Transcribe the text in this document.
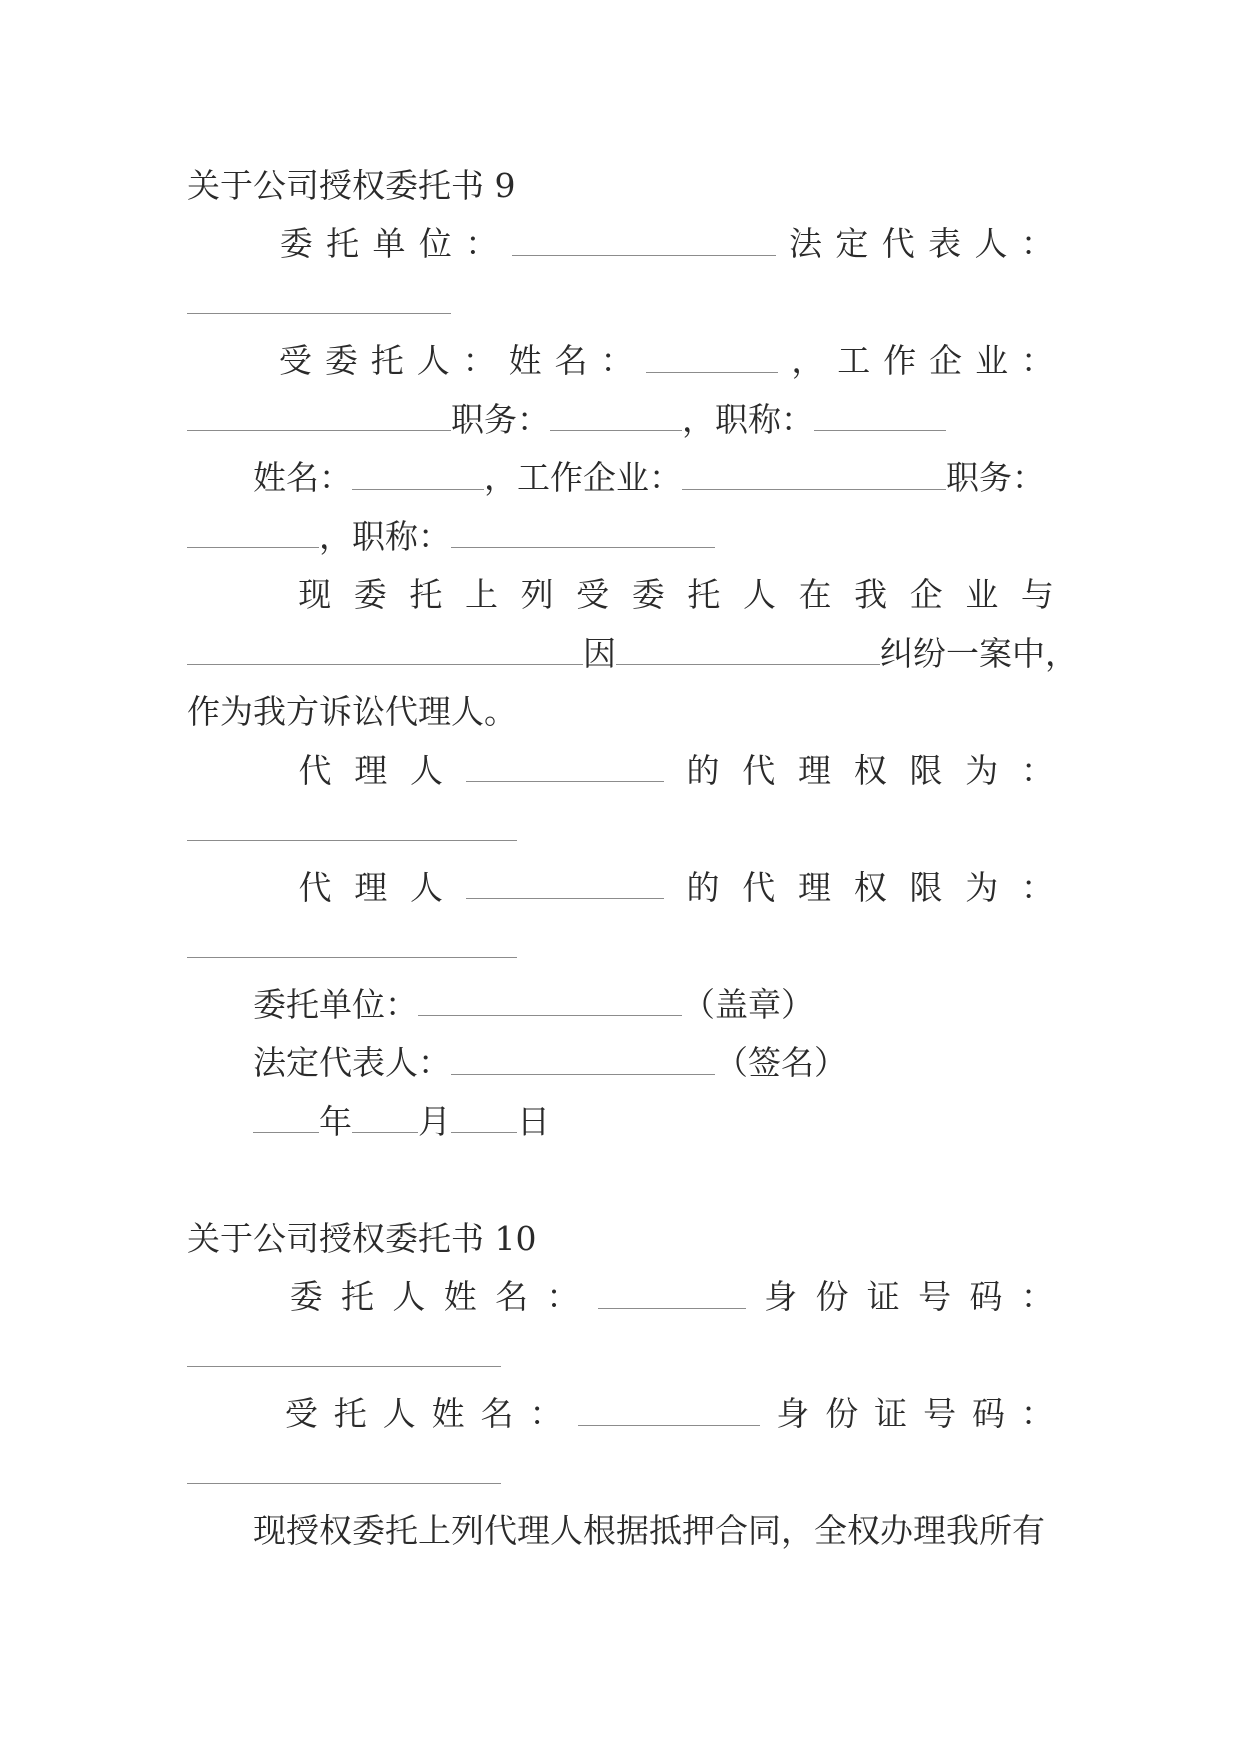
关于公司授权委托书 9
委 托 单 位 ：	法 定 代 表 人 ：
受 委 托 人 ： 姓 名 ：	， 工 作 企 业 ：
职务：	，职称：
姓名：	，工作企业：	职务：
，职称：
现 委 托 上 列 受 委 托 人 在 我 企 业 与
因	纠纷一案中，
作为我方诉讼代理人。
代 理 人	的 代 理 权 限 为 ：
代 理 人	的 代 理 权 限 为 ：
委托单位：	（盖章）
法定代表人：	（签名）
年 月 日
关于公司授权委托书 10
委 托 人 姓 名 ：	身 份 证 号 码 ：
受 托 人 姓 名 ：	身 份 证 号 码 ：
现授权委托上列代理人根据抵押合同，全权办理我所有
